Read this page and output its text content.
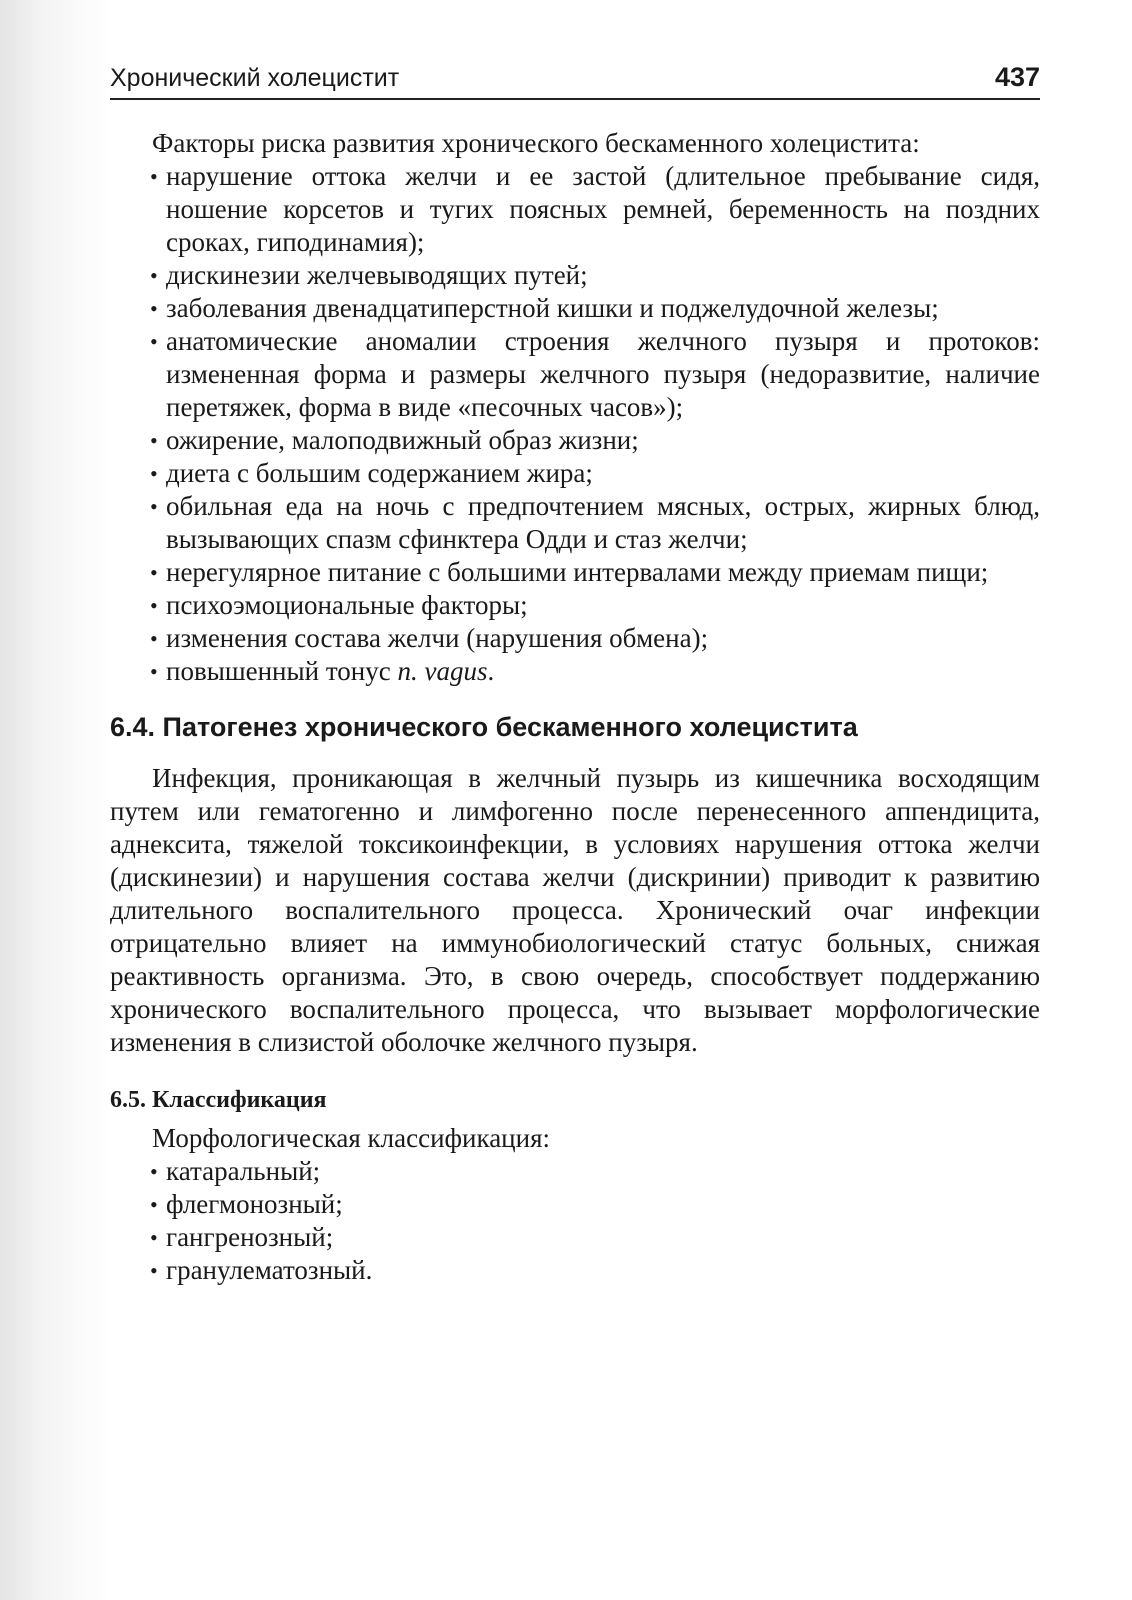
Хронический холецистит	437

Факторы риска развития хронического бескаменного холецистита:

• нарушение оттока желчи и ее застой (длительное пребывание сидя, ношение корсетов и тугих поясных ремней, беременность на поздних сроках, гиподинамия);
• дискинезии желчевыводящих путей;
• заболевания двенадцатиперстной кишки и поджелудочной железы;
• анатомические аномалии строения желчного пузыря и протоков: измененная форма и размеры желчного пузыря (недоразвитие, наличие перетяжек, форма в виде «песочных часов»);
• ожирение, малоподвижный образ жизни;
• диета с большим содержанием жира;
• обильная еда на ночь с предпочтением мясных, острых, жирных блюд, вызывающих спазм сфинктера Одди и стаз желчи;
• нерегулярное питание с большими интервалами между приемам пищи;
• психоэмоциональные факторы;
• изменения состава желчи (нарушения обмена);
• повышенный тонус n. vagus.
6.4. Патогенез хронического бескаменного холецистита

Инфекция, проникающая в желчный пузырь из кишечника восходящим путем или гематогенно и лимфогенно после перенесенного аппендицита, аднексита, тяжелой токсикоинфекции, в условиях нарушения оттока желчи (дискинезии) и нарушения состава желчи (дискринии) приводит к развитию длительного воспалительного процесса. Хронический очаг инфекции отрицательно влияет на иммунобиологический статус больных, снижая реактивность организма. Это, в свою очередь, способствует поддержанию хронического воспалительного процесса, что вызывает морфологические изменения в слизистой оболочке желчного пузыря.

6.5. Классификация

Морфологическая классификация:

• катаральный;
• флегмонозный;
• гангренозный;
• гранулематозный.
